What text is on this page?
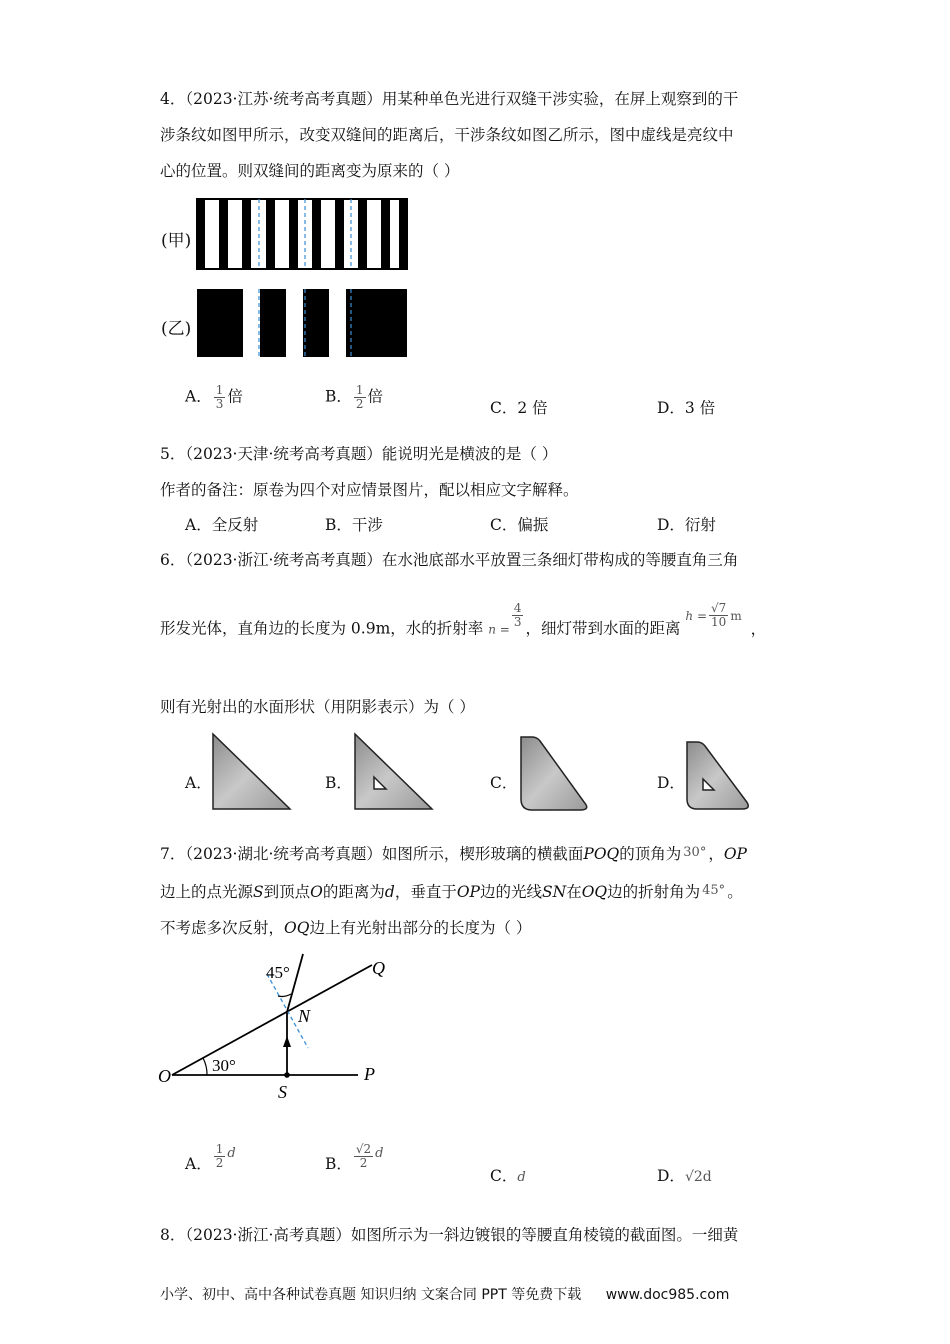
4．（2023·江苏·统考高考真题）用某种单色光进行双缝干涉实验，在屏上观察到的干
涉条纹如图甲所示，改变双缝间的距离后，干涉条纹如图乙所示，图中虚线是亮纹中
心的位置。则双缝间的距离变为原来的（ ）
(甲)
(乙)
A． $\frac{1}{3}$ 倍	B． $\frac{1}{2}$ 倍
C．2 倍	D．3 倍
5．（2023·天津·统考高考真题）能说明光是横波的是（ ）
作者的备注：原卷为四个对应情景图片，配以相应文字解释。
A．全反射	B．干涉	C．偏振	D．衍射
6．（2023·浙江·统考高考真题）在水池底部水平放置三条细灯带构成的等腰直角三角
形发光体，直角边的长度为 0.9m，水的折射率 n =
$\frac{4}{3}$ ，细灯带到水面的距离 $^{h =} \frac{√7}{10} ^m$ ，
则有光射出的水面形状（用阴影表示）为（ ）
A．	B．	C．	D．
7．（2023·湖北·统考高考真题）如图所示，楔形玻璃的横截面POQ的顶角为 30° ，OP
边上的点光源S到顶点O的距离为d，垂直于OP边的光线SN在OQ边的折射角为 45° 。
不考虑多次反射，OQ边上有光射出部分的长度为（ ）
45°
30°
Q
N
O
S
P
A． $\frac{1}{2} ^d$
B． $\frac{√2}{2} ^d$
C．d	D．√2d
8．（2023·浙江·高考真题）如图所示为一斜边镀银的等腰直角棱镜的截面图。一细黄
小学、初中、高中各种试卷真题 知识归纳 文案合同 PPT 等免费下载 www.doc985.com
